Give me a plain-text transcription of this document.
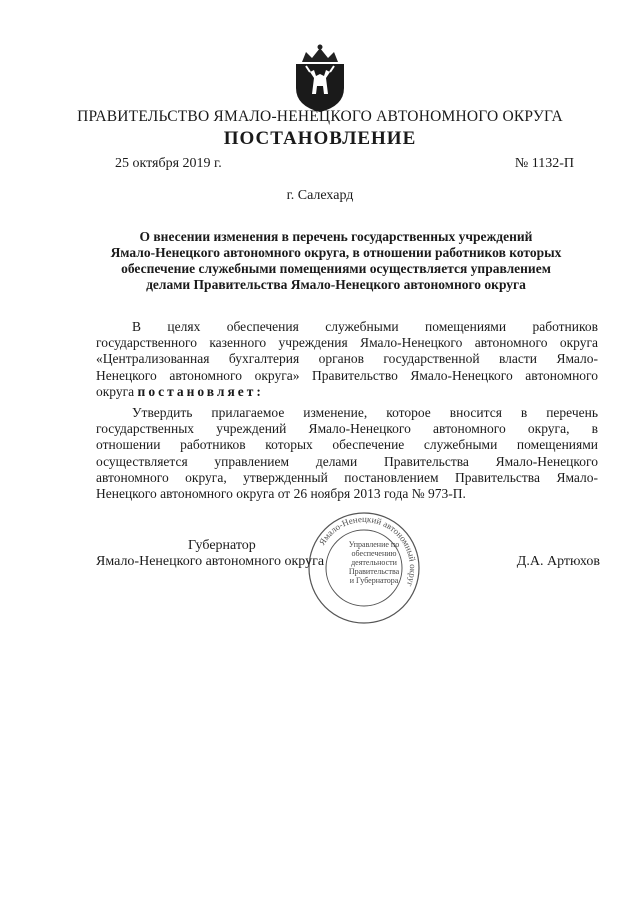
ПРАВИТЕЛЬСТВО ЯМАЛО-НЕНЕЦКОГО АВТОНОМНОГО ОКРУГА
ПОСТАНОВЛЕНИЕ
25 октября 2019 г.	№ 1132-П
г. Салехард
О внесении изменения в перечень государственных учреждений
Ямало-Ненецкого автономного округа, в отношении работников которых
обеспечение служебными помещениями осуществляется управлением
делами Правительства Ямало-Ненецкого автономного округа
В целях обеспечения служебными помещениями работников
государственного казенного учреждения Ямало-Ненецкого автономного округа
«Централизованная бухгалтерия органов государственной власти Ямало-
Ненецкого автономного округа» Правительство Ямало-Ненецкого автономного
округа постановляет:
Утвердить прилагаемое изменение, которое вносится в перечень
государственных учреждений Ямало-Ненецкого автономного округа, в
отношении работников которых обеспечение служебными помещениями
осуществляется управлением делами Правительства Ямало-Ненецкого
автономного округа, утвержденный постановлением Правительства Ямало-
Ненецкого автономного округа от 26 ноября 2013 года № 973-П.
Ямало-Ненецкий автономный округ
Управление по
обеспечению
деятельности
Правительства
и Губернатора
Губернатор
Ямало-Ненецкого автономного округа	Д.А. Артюхов
